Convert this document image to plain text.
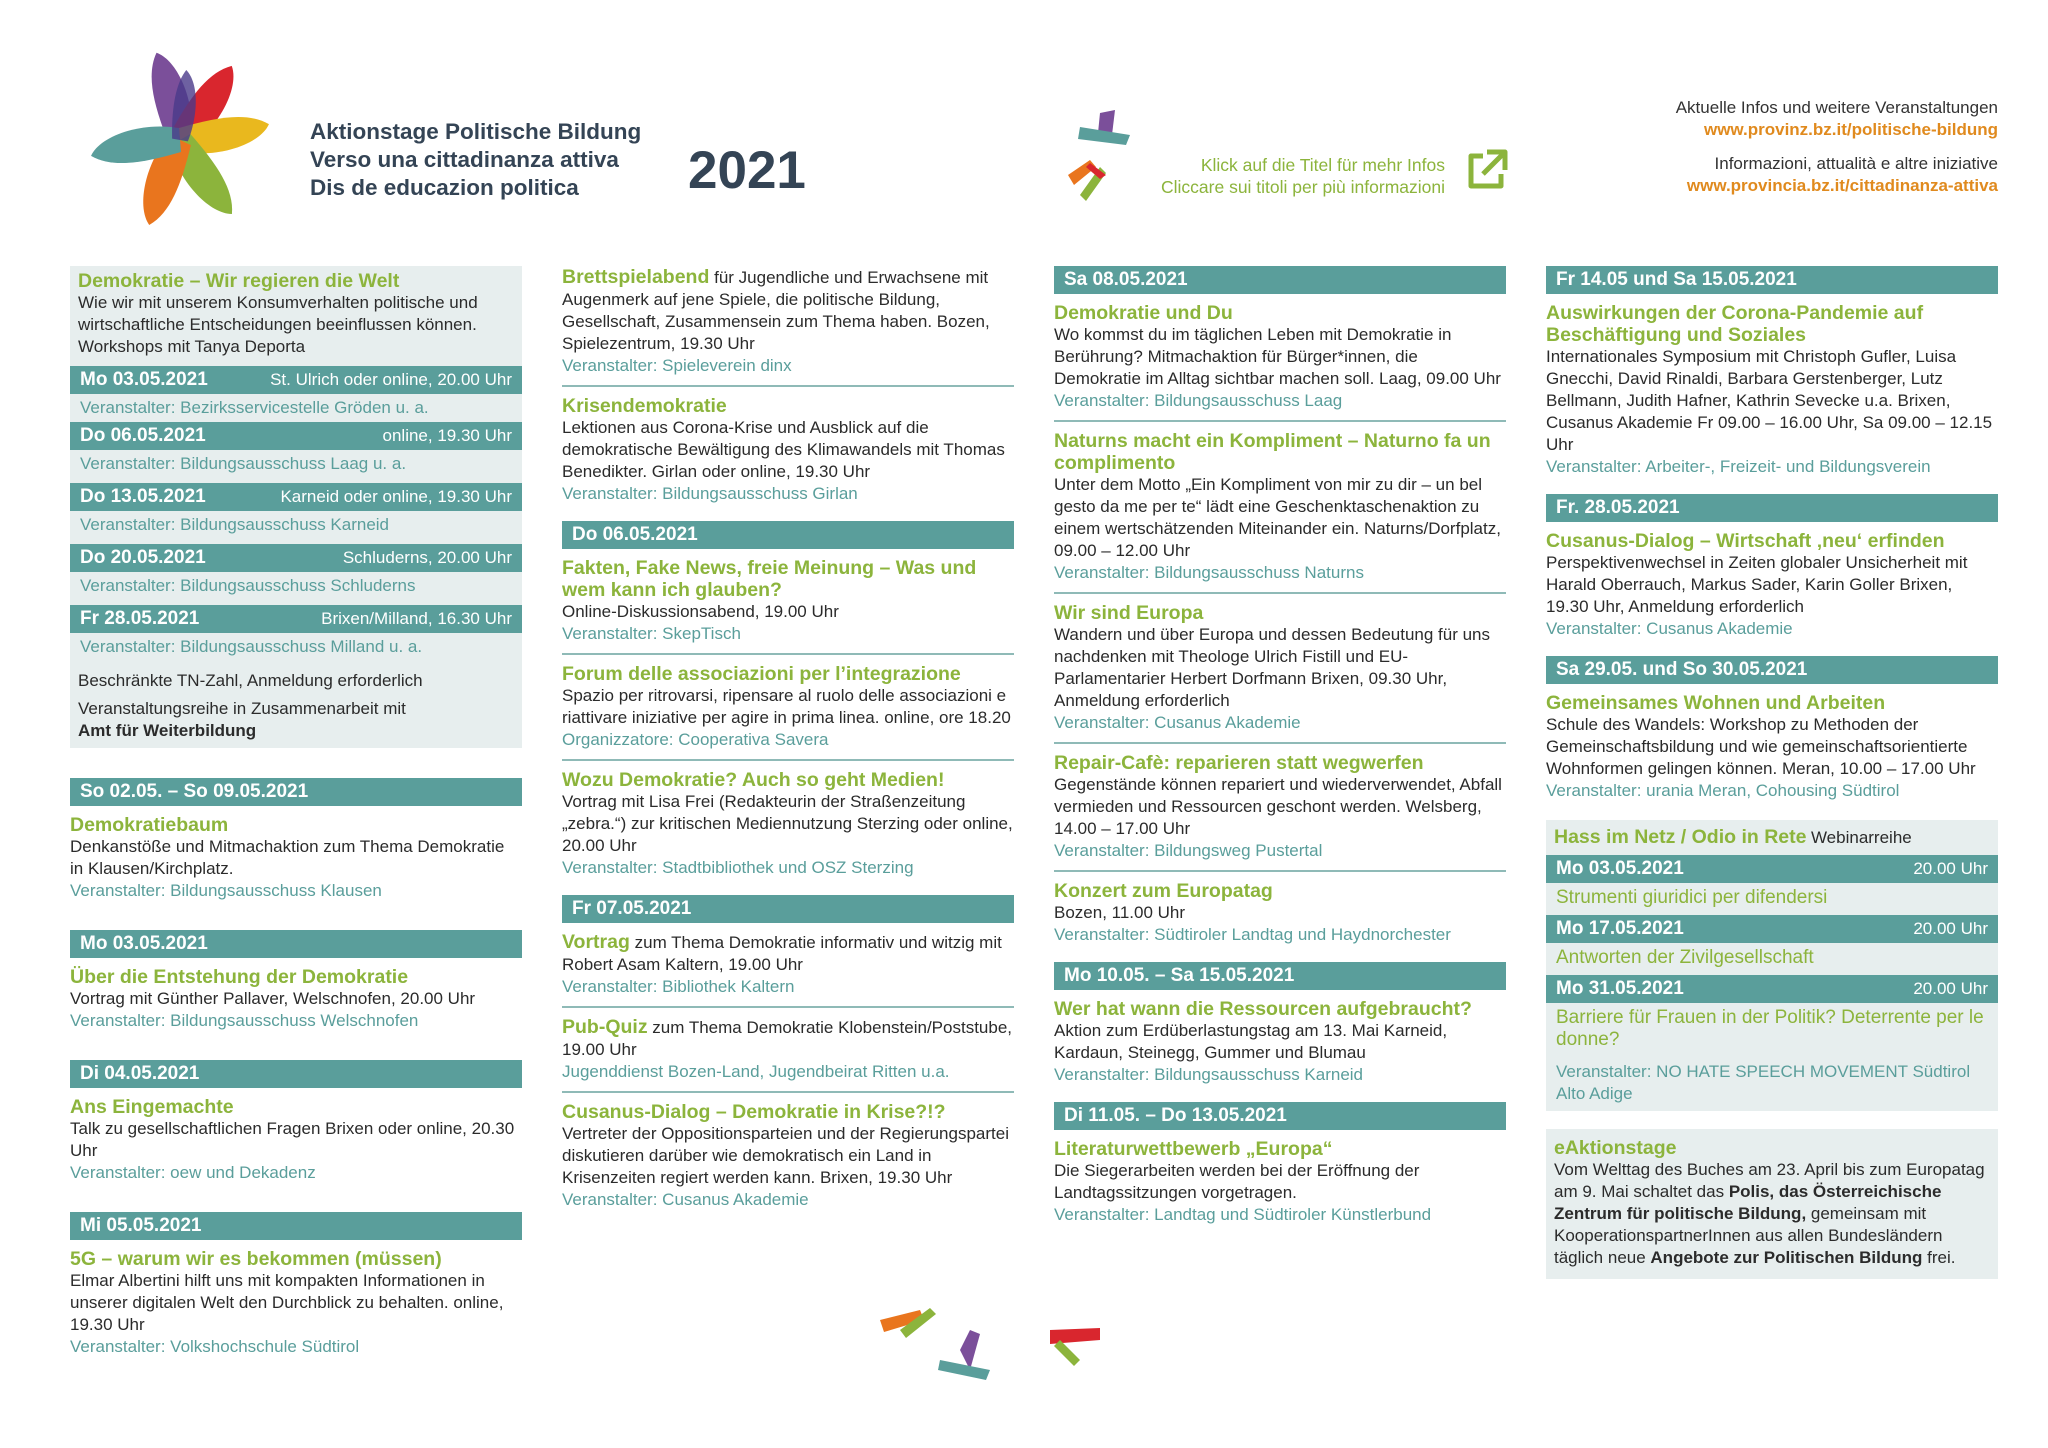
Aktionstage Politische Bildung
Verso una cittadinanza attiva
Dis de educazion politica	2021	Klick auf die Titel für mehr Infos
Cliccare sui titoli per più informazioni
Aktuelle Infos und weitere Veranstaltungen
www.provinz.bz.it/politische-bildung
Informazioni, attualità e altre iniziative
www.provincia.bz.it/cittadinanza-attiva
Demokratie – Wir regieren die Welt
Wie wir mit unserem Konsumverhalten politische und wirtschaftliche Entscheidungen beeinflussen können. Workshops mit Tanya Deporta
Mo 03.05.2021	St. Ulrich oder online, 20.00 Uhr
Veranstalter: Bezirksservicestelle Gröden u. a.
Do 06.05.2021	online, 19.30 Uhr
Veranstalter: Bildungsausschuss Laag u. a.
Do 13.05.2021	Karneid oder online, 19.30 Uhr
Veranstalter: Bildungsausschuss Karneid
Do 20.05.2021	Schluderns, 20.00 Uhr
Veranstalter: Bildungsausschuss Schluderns
Fr 28.05.2021	Brixen/Milland, 16.30 Uhr
Veranstalter: Bildungsausschuss Milland u. a.
Beschränkte TN-Zahl, Anmeldung erforderlich
Veranstaltungsreihe in Zusammenarbeit mit
Amt für Weiterbildung
So 02.05. – So 09.05.2021
Demokratiebaum
Denkanstöße und Mitmachaktion zum Thema Demokratie in Klausen/Kirchplatz.
Veranstalter: Bildungsausschuss Klausen
Mo 03.05.2021
Über die Entstehung der Demokratie
Vortrag mit Günther Pallaver, Welschnofen, 20.00 Uhr
Veranstalter: Bildungsausschuss Welschnofen
Di 04.05.2021
Ans Eingemachte
Talk zu gesellschaftlichen Fragen Brixen oder online, 20.30 Uhr
Veranstalter: oew und Dekadenz
Mi 05.05.2021
5G – warum wir es bekommen (müssen)
Elmar Albertini hilft uns mit kompakten Informationen in unserer digitalen Welt den Durchblick zu behalten. online, 19.30 Uhr
Veranstalter: Volkshochschule Südtirol
Brettspielabend für Jugendliche und Erwachsene mit Augenmerk auf jene Spiele, die politische Bildung, Gesellschaft, Zusammensein zum Thema haben. Bozen, Spielezentrum, 19.30 Uhr
Veranstalter: Spieleverein dinx
Krisendemokratie
Lektionen aus Corona-Krise und Ausblick auf die demokratische Bewältigung des Klimawandels mit Thomas Benedikter. Girlan oder online, 19.30 Uhr
Veranstalter: Bildungsausschuss Girlan
Do 06.05.2021
Fakten, Fake News, freie Meinung – Was und wem kann ich glauben?
Online-Diskussionsabend, 19.00 Uhr
Veranstalter: SkepTisch
Forum delle associazioni per l’integrazione
Spazio per ritrovarsi, ripensare al ruolo delle associazioni e riattivare iniziative per agire in prima linea. online, ore 18.20
Organizzatore: Cooperativa Savera
Wozu Demokratie? Auch so geht Medien!
Vortrag mit Lisa Frei (Redakteurin der Straßenzeitung „zebra.“) zur kritischen Mediennutzung Sterzing oder online, 20.00 Uhr
Veranstalter: Stadtbibliothek und OSZ Sterzing
Fr 07.05.2021
Vortrag zum Thema Demokratie informativ und witzig mit Robert Asam Kaltern, 19.00 Uhr
Veranstalter: Bibliothek Kaltern
Pub-Quiz zum Thema Demokratie Klobenstein/Poststube, 19.00 Uhr
Jugenddienst Bozen-Land, Jugendbeirat Ritten u.a.
Cusanus-Dialog – Demokratie in Krise?!?
Vertreter der Oppositionsparteien und der Regierungspartei diskutieren darüber wie demokratisch ein Land in Krisenzeiten regiert werden kann. Brixen, 19.30 Uhr
Veranstalter: Cusanus Akademie
Sa 08.05.2021
Demokratie und Du
Wo kommst du im täglichen Leben mit Demokratie in Berührung? Mitmachaktion für Bürger*innen, die Demokratie im Alltag sichtbar machen soll. Laag, 09.00 Uhr
Veranstalter: Bildungsausschuss Laag
Naturns macht ein Kompliment – Naturno fa un complimento
Unter dem Motto „Ein Kompliment von mir zu dir – un bel gesto da me per te“ lädt eine Geschenktaschenaktion zu einem wertschätzenden Miteinander ein. Naturns/Dorfplatz, 09.00 – 12.00 Uhr
Veranstalter: Bildungsausschuss Naturns
Wir sind Europa
Wandern und über Europa und dessen Bedeutung für uns nachdenken mit Theologe Ulrich Fistill und EU-Parlamentarier Herbert Dorfmann Brixen, 09.30 Uhr, Anmeldung erforderlich
Veranstalter: Cusanus Akademie
Repair-Cafè: reparieren statt wegwerfen
Gegenstände können repariert und wiederverwendet, Abfall vermieden und Ressourcen geschont werden. Welsberg, 14.00 – 17.00 Uhr
Veranstalter: Bildungsweg Pustertal
Konzert zum Europatag
Bozen, 11.00 Uhr
Veranstalter: Südtiroler Landtag und Haydnorchester
Mo 10.05. – Sa 15.05.2021
Wer hat wann die Ressourcen aufgebraucht?
Aktion zum Erdüberlastungstag am 13. Mai Karneid, Kardaun, Steinegg, Gummer und Blumau
Veranstalter: Bildungsausschuss Karneid
Di 11.05. – Do 13.05.2021
Literaturwettbewerb „Europa“
Die Siegerarbeiten werden bei der Eröffnung der Landtagssitzungen vorgetragen.
Veranstalter: Landtag und Südtiroler Künstlerbund
Fr 14.05 und Sa 15.05.2021
Auswirkungen der Corona-Pandemie auf Beschäftigung und Soziales
Internationales Symposium mit Christoph Gufler, Luisa Gnecchi, David Rinaldi, Barbara Gerstenberger, Lutz Bellmann, Judith Hafner, Kathrin Sevecke u.a. Brixen, Cusanus Akademie Fr 09.00 – 16.00 Uhr, Sa 09.00 – 12.15 Uhr
Veranstalter: Arbeiter-, Freizeit- und Bildungsverein
Fr. 28.05.2021
Cusanus-Dialog – Wirtschaft ‚neu‘ erfinden
Perspektivenwechsel in Zeiten globaler Unsicherheit mit Harald Oberrauch, Markus Sader, Karin Goller Brixen, 19.30 Uhr, Anmeldung erforderlich
Veranstalter: Cusanus Akademie
Sa 29.05. und So 30.05.2021
Gemeinsames Wohnen und Arbeiten
Schule des Wandels: Workshop zu Methoden der Gemeinschaftsbildung und wie gemeinschaftsorientierte Wohnformen gelingen können. Meran, 10.00 – 17.00 Uhr
Veranstalter: urania Meran, Cohousing Südtirol
Hass im Netz / Odio in Rete Webinarreihe
Mo 03.05.2021	20.00 Uhr
Strumenti giuridici per difendersi
Mo 17.05.2021	20.00 Uhr
Antworten der Zivilgesellschaft
Mo 31.05.2021	20.00 Uhr
Barriere für Frauen in der Politik? Deterrente per le donne?
Veranstalter: NO HATE SPEECH MOVEMENT Südtirol Alto Adige
eAktionstage
Vom Welttag des Buches am 23. April bis zum Europatag am 9. Mai schaltet das Polis, das Österreichische Zentrum für politische Bildung, gemeinsam mit KooperationspartnerInnen aus allen Bundesländern täglich neue Angebote zur Politischen Bildung frei.
